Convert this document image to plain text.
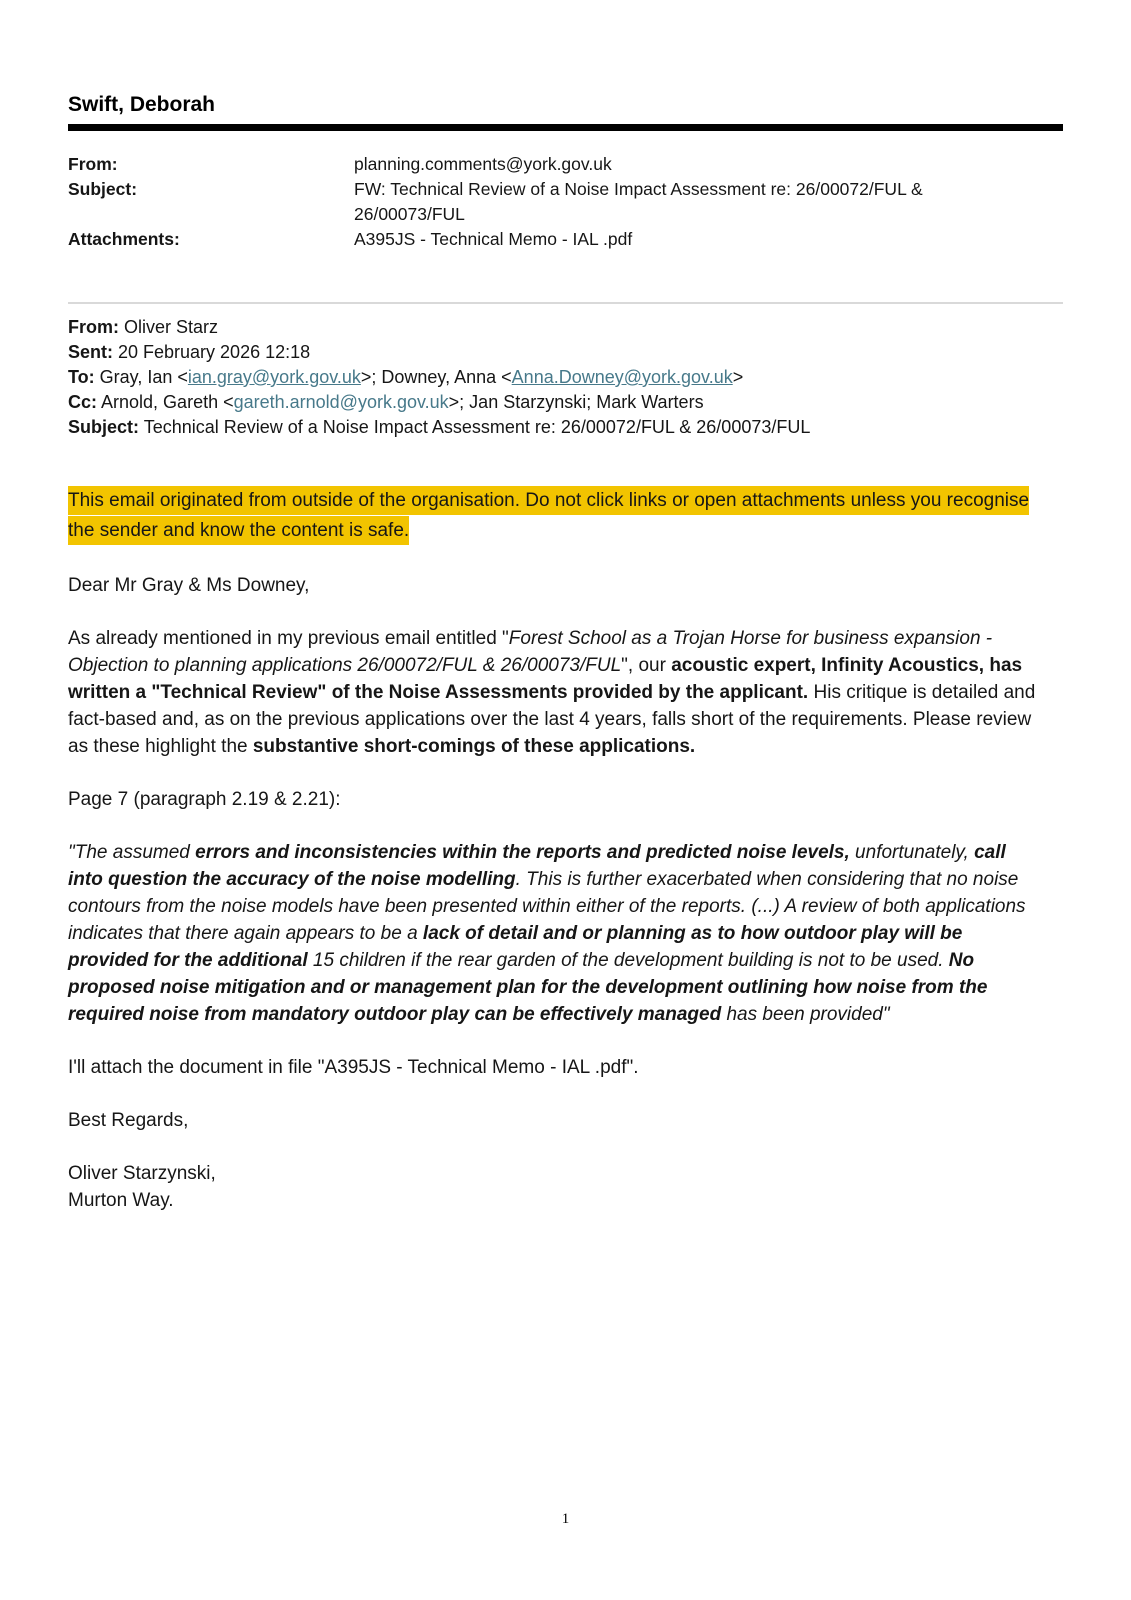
Swift, Deborah
From:	planning.comments@york.gov.uk
Subject:	FW: Technical Review of a Noise Impact Assessment re: 26/00072/FUL &
26/00073/FUL
Attachments:	A395JS - Technical Memo - IAL .pdf

From: Oliver Starz

Sent: 20 February 2026 12:18

To: Gray, Ian <ian.gray@york.gov.uk>; Downey, Anna <Anna.Downey@york.gov.uk>

Cc: Arnold, Gareth <gareth.arnold@york.gov.uk>; Jan Starzynski; Mark Warters

Subject: Technical Review of a Noise Impact Assessment re: 26/00072/FUL & 26/00073/FUL

This email originated from outside of the organisation. Do not click links or open attachments unless you recognise the sender and know the content is safe.

Dear Mr Gray & Ms Downey,

As already mentioned in my previous email entitled "Forest School as a Trojan Horse for business expansion - Objection to planning applications 26/00072/FUL & 26/00073/FUL", our acoustic expert, Infinity Acoustics, has written a "Technical Review" of the Noise Assessments provided by the applicant. His critique is detailed and fact-based and, as on the previous applications over the last 4 years, falls short of the requirements. Please review as these highlight the substantive short-comings of these applications.

Page 7 (paragraph 2.19 & 2.21):

"The assumed errors and inconsistencies within the reports and predicted noise levels, unfortunately, call into question the accuracy of the noise modelling. This is further exacerbated when considering that no noise contours from the noise models have been presented within either of the reports. (...) A review of both applications indicates that there again appears to be a lack of detail and or planning as to how outdoor play will be provided for the additional 15 children if the rear garden of the development building is not to be used. No proposed noise mitigation and or management plan for the development outlining how noise from the required noise from mandatory outdoor play can be effectively managed has been provided"

I'll attach the document in file "A395JS - Technical Memo - IAL .pdf".

Best Regards,

Oliver Starzynski,
Murton Way.

1
